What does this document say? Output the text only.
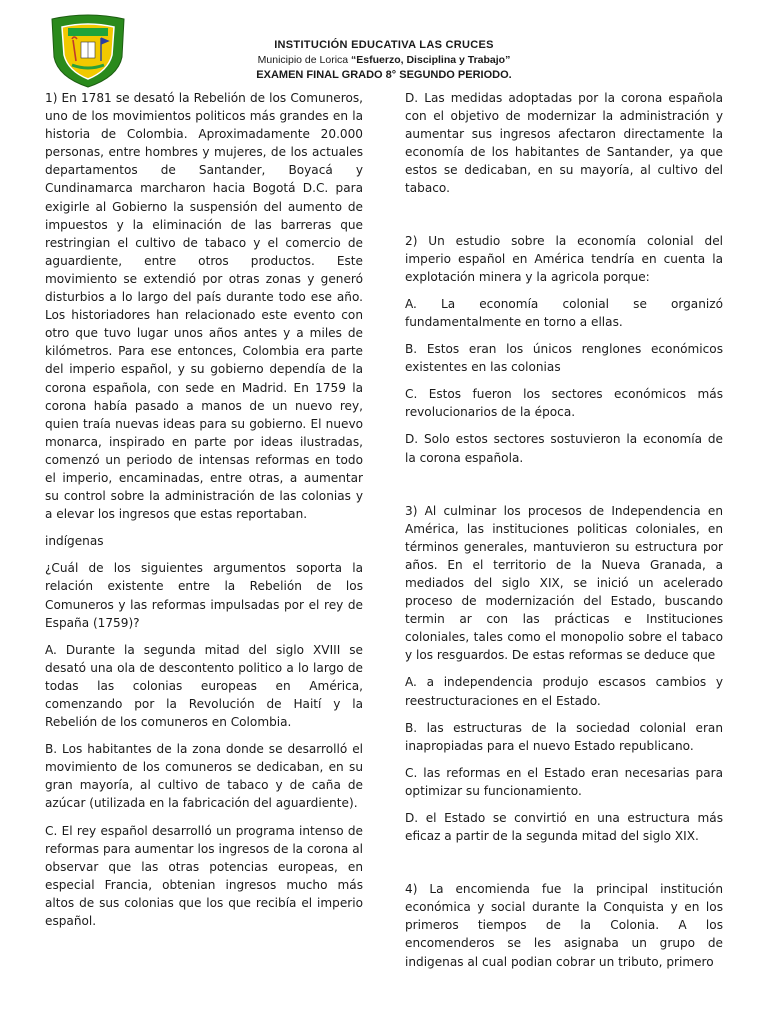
INSTITUCIÓN EDUCATIVA LAS CRUCES
Municipio de Lorica “Esfuerzo, Disciplina y Trabajo”
EXAMEN FINAL GRADO 8° SEGUNDO PERIODO.

1) En 1781 se desató la Rebelión de los Comuneros, uno de los movimientos politicos más grandes en la historia de Colombia. Aproximadamente 20.000 personas, entre hombres y mujeres, de los actuales departamentos de Santander, Boyacá y Cundinamarca marcharon hacia Bogotá D.C. para exigirle al Gobierno la suspensión del aumento de impuestos y la eliminación de las barreras que restringian el cultivo de tabaco y el comercio de aguardiente, entre otros productos. Este movimiento se extendió por otras zonas y generó disturbios a lo largo del país durante todo ese año. Los historiadores han relacionado este evento con otro que tuvo lugar unos años antes y a miles de kilómetros. Para ese entonces, Colombia era parte del imperio español, y su gobierno dependía de la corona española, con sede en Madrid. En 1759 la corona había pasado a manos de un nuevo rey, quien traía nuevas ideas para su gobierno. El nuevo monarca, inspirado en parte por ideas ilustradas, comenzó un periodo de intensas reformas en todo el imperio, encaminadas, entre otras, a aumentar su control sobre la administración de las colonias y a elevar los ingresos que estas reportaban.

indígenas

¿Cuál de los siguientes argumentos soporta la relación existente entre la Rebelión de los Comuneros y las reformas impulsadas por el rey de España (1759)?

A. Durante la segunda mitad del siglo XVIII se desató una ola de descontento politico a lo largo de todas las colonias europeas en América, comenzando por la Revolución de Haití y la Rebelión de los comuneros en Colombia.

B. Los habitantes de la zona donde se desarrolló el movimiento de los comuneros se dedicaban, en su gran mayoría, al cultivo de tabaco y de caña de azúcar (utilizada en la fabricación del aguardiente).

C. El rey español desarrolló un programa intenso de reformas para aumentar los ingresos de la corona al observar que las otras potencias europeas, en especial Francia, obtenian ingresos mucho más altos de sus colonias que los que recibía el imperio español.

D. Las medidas adoptadas por la corona española con el objetivo de modernizar la administración y aumentar sus ingresos afectaron directamente la economía de los habitantes de Santander, ya que estos se dedicaban, en su mayoría, al cultivo del tabaco.

2) Un estudio sobre la economía colonial del imperio español en América tendría en cuenta la explotación minera y la agricola porque:

A. La economía colonial se organizó fundamentalmente en torno a ellas.

B. Estos eran los únicos renglones económicos existentes en las colonias

C. Estos fueron los sectores económicos más revolucionarios de la época.

D. Solo estos sectores sostuvieron la economía de la corona española.

3) Al culminar los procesos de Independencia en América, las instituciones politicas coloniales, en términos generales, mantuvieron su estructura por años. En el territorio de la Nueva Granada, a mediados del siglo XIX, se inició un acelerado proceso de modernización del Estado, buscando termin ar con las prácticas e Instituciones coloniales, tales como el monopolio sobre el tabaco y los resguardos. De estas reformas se deduce que

A. a independencia produjo escasos cambios y reestructuraciones en el Estado.

B. las estructuras de la sociedad colonial eran inapropiadas para el nuevo Estado republicano.

C. las reformas en el Estado eran necesarias para optimizar su funcionamiento.

D. el Estado se convirtió en una estructura más eficaz a partir de la segunda mitad del siglo XIX.

4) La encomienda fue la principal institución económica y social durante la Conquista y en los primeros tiempos de la Colonia. A los encomenderos se les asignaba un grupo de indigenas al cual podian cobrar un tributo, primero
